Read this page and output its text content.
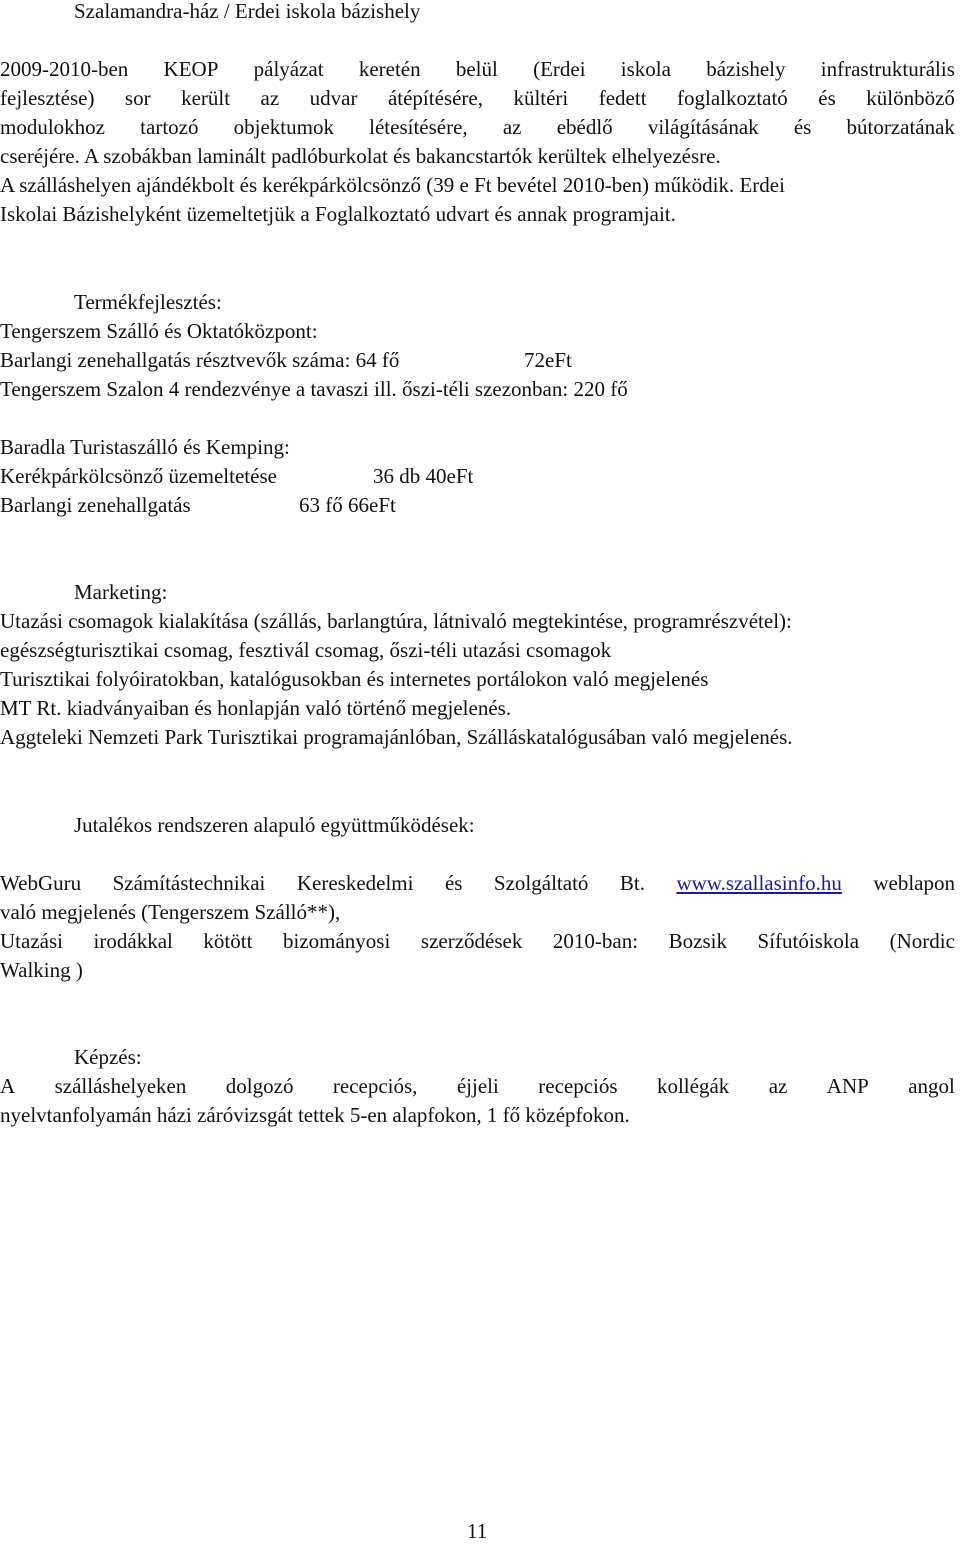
Szalamandra-ház / Erdei iskola bázishely
2009-2010-ben KEOP pályázat keretén belül (Erdei iskola bázishely infrastrukturális
fejlesztése) sor került az udvar átépítésére, kültéri fedett foglalkoztató és különböző
modulokhoz tartozó objektumok létesítésére, az ebédlő világításának és bútorzatának
cseréjére. A szobákban laminált padlóburkolat és bakancstartók kerültek elhelyezésre.
A szálláshelyen ajándékbolt és kerékpárkölcsönző (39 e Ft bevétel 2010-ben) működik. Erdei
Iskolai Bázishelyként üzemeltetjük a Foglalkoztató udvart és annak programjait.
Termékfejlesztés:
Tengerszem Szálló és Oktatóközpont:
Barlangi zenehallgatás résztvevők száma: 64 fő	72eFt
Tengerszem Szalon 4 rendezvénye a tavaszi ill. őszi-téli szezonban: 220 fő
Baradla Turistaszálló és Kemping:
Kerékpárkölcsönző üzemeltetése	36 db 40eFt
Barlangi zenehallgatás	63 fő 66eFt
Marketing:
Utazási csomagok kialakítása (szállás, barlangtúra, látnivaló megtekintése, programrészvétel):
egészségturisztikai csomag, fesztivál csomag, őszi-téli utazási csomagok
Turisztikai folyóiratokban, katalógusokban és internetes portálokon való megjelenés
MT Rt. kiadványaiban és honlapján való történő megjelenés.
Aggteleki Nemzeti Park Turisztikai programajánlóban, Szálláskatalógusában való megjelenés.
Jutalékos rendszeren alapuló együttműködések:
WebGuru Számítástechnikai Kereskedelmi és Szolgáltató Bt. www.szallasinfo.hu weblapon
való megjelenés (Tengerszem Szálló**),
Utazási irodákkal kötött bizományosi szerződések 2010-ban: Bozsik Sífutóiskola (Nordic
Walking )
Képzés:
A szálláshelyeken dolgozó recepciós, éjjeli recepciós kollégák az ANP angol
nyelvtanfolyamán házi záróvizsgát tettek 5-en alapfokon, 1 fő középfokon.
11
